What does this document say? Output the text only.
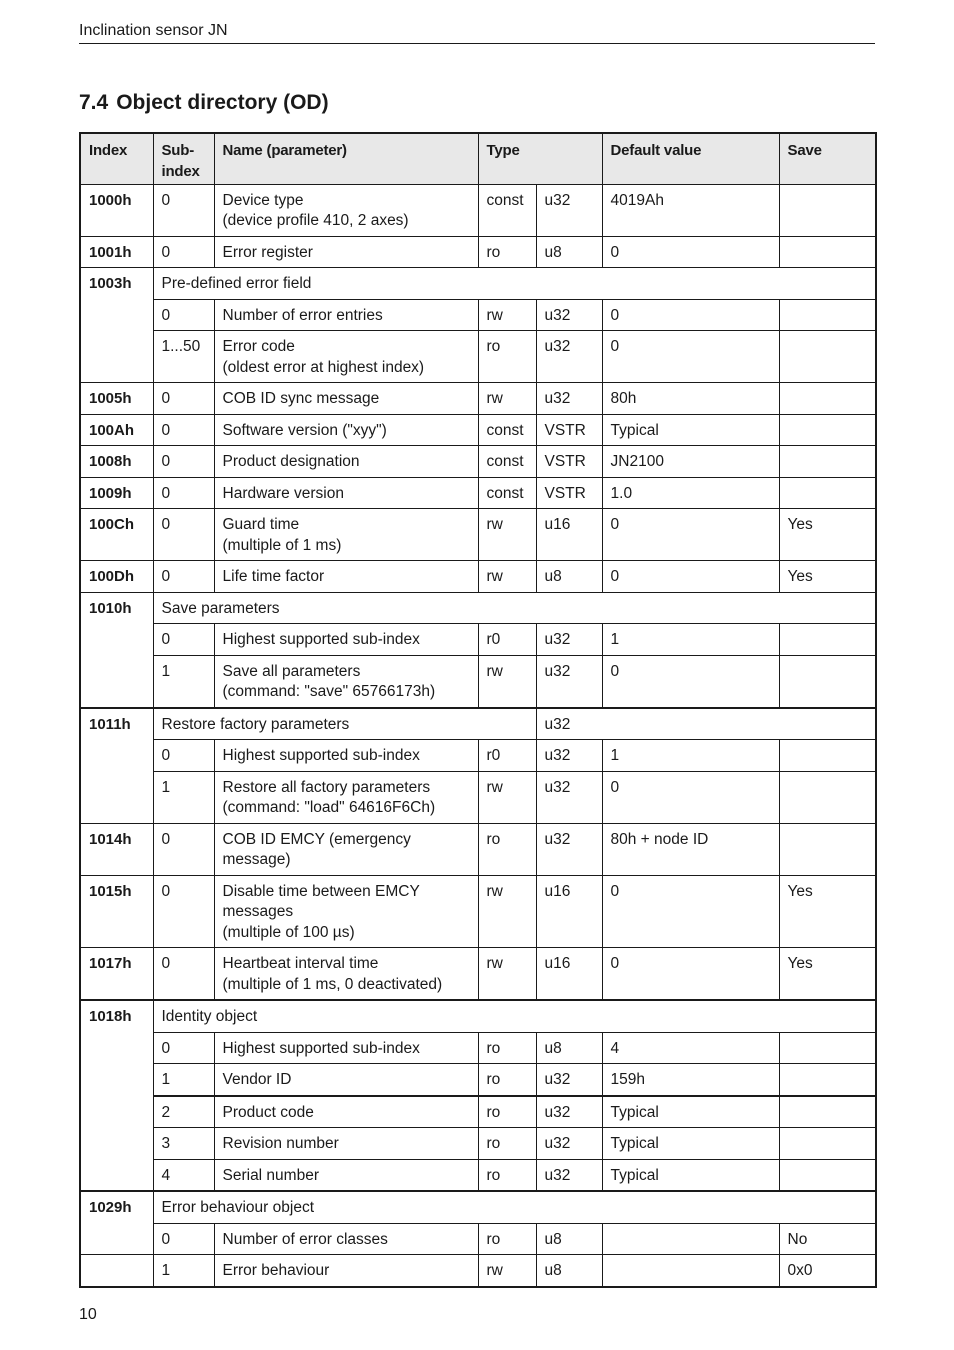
Inclination sensor JN
7.4 Object directory (OD)
Index	Sub-
index	Name (parameter)	Type		Default value	Save
1000h	0	Device type
(device profile 410, 2 axes)	const	u32	4019Ah	
1001h	0	Error register	ro	u8	0	
1003h	Pre-defined error field					
	0	Number of error entries	rw	u32	0	
	1...50	Error code
(oldest error at highest index)	ro	u32	0	
1005h	0	COB ID sync message	rw	u32	80h	
100Ah	0	Software version ("xyy")	const	VSTR	Typical	
1008h	0	Product designation	const	VSTR	JN2100	
1009h	0	Hardware version	const	VSTR	1.0	
100Ch	0	Guard time
(multiple of 1 ms)	rw	u16	0	Yes
100Dh	0	Life time factor	rw	u8	0	Yes
1010h	Save parameters					
	0	Highest supported sub-index	r0	u32	1	
	1	Save all parameters
(command: "save" 65766173h)	rw	u32	0	
1011h	Restore factory parameters			u32		
	0	Highest supported sub-index	r0	u32	1	
	1	Restore all factory parameters
(command: "load" 64616F6Ch)	rw	u32	0	
1014h	0	COB ID EMCY (emergency
message)	ro	u32	80h + node ID	
1015h	0	Disable time between EMCY
messages
(multiple of 100 µs)	rw	u16	0	Yes
1017h	0	Heartbeat interval time
(multiple of 1 ms, 0 deactivated)	rw	u16	0	Yes
1018h	Identity object					
	0	Highest supported sub-index	ro	u8	4	
	1	Vendor ID	ro	u32	159h	
	2	Product code	ro	u32	Typical	
	3	Revision number	ro	u32	Typical	
	4	Serial number	ro	u32	Typical	
1029h	Error behaviour object					
	0	Number of error classes	ro	u8		No
	1	Error behaviour	rw	u8		0x0
10
